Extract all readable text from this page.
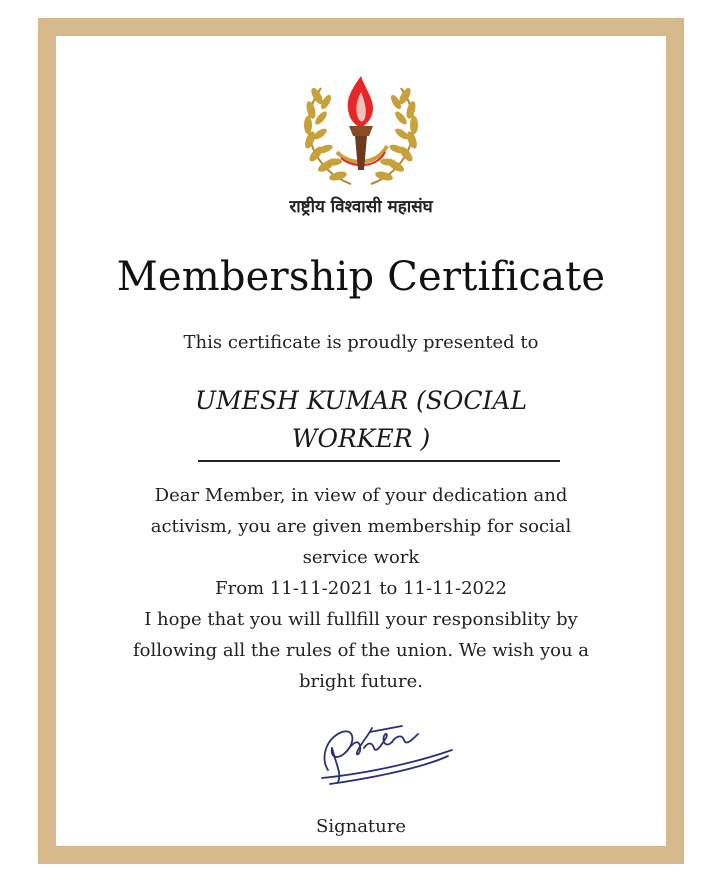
राष्ट्रीय विश्वासी महासंघ
Membership Certificate
This certificate is proudly presented to
UMESH KUMAR (SOCIAL
WORKER )
Dear Member, in view of your dedication and
activism, you are given membership for social
service work
From 11-11-2021 to 11-11-2022
I hope that you will fullfill your responsiblity by
following all the rules of the union. We wish you a
bright future.
Signature
